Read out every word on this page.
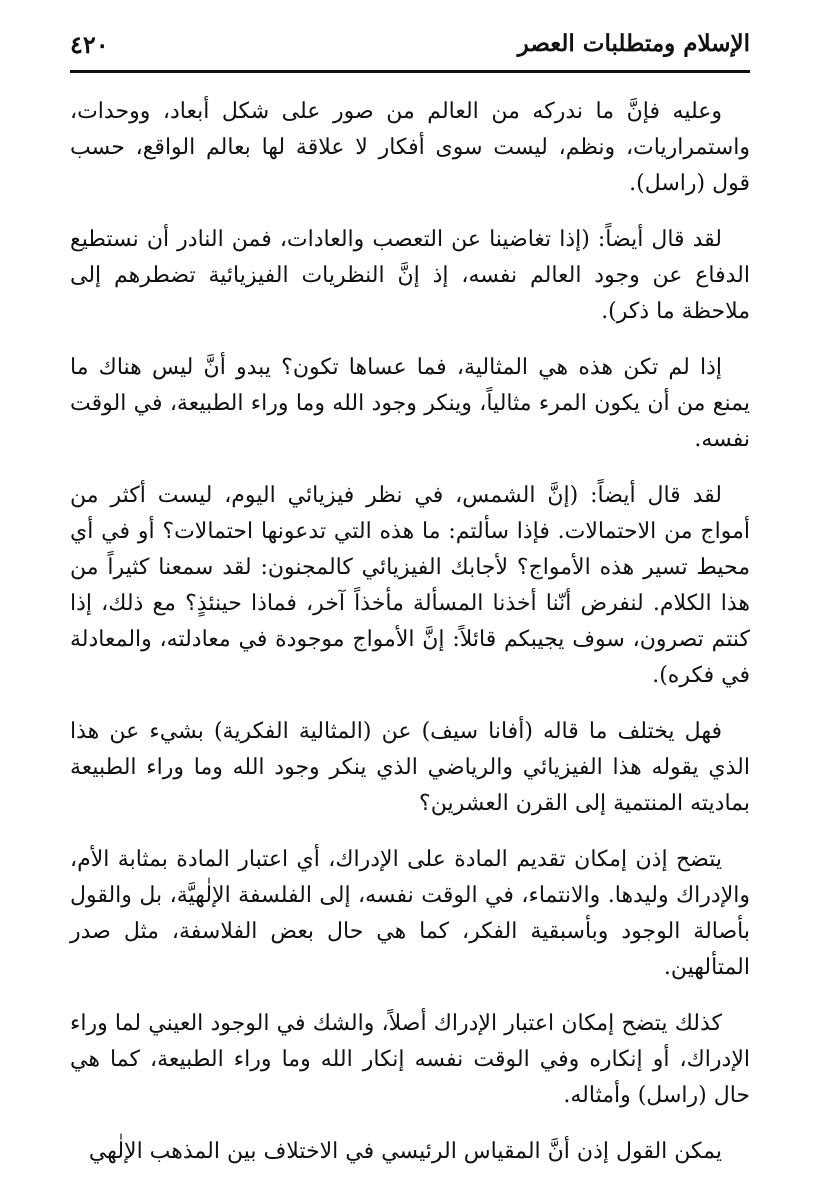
٤٢٠	الإسلام ومتطلبات العصر

وعليه فإنَّ ما ندركه من العالم من صور على شكل أبعاد، ووحدات، واستمراريات، ونظم، ليست سوى أفكار لا علاقة لها بعالم الواقع، حسب قول (راسل).

لقد قال أيضاً: (إذا تغاضينا عن التعصب والعادات، فمن النادر أن نستطيع الدفاع عن وجود العالم نفسه، إذ إنَّ النظريات الفيزيائية تضطرهم إلى ملاحظة ما ذكر).

إذا لم تكن هذه هي المثالية، فما عساها تكون؟ يبدو أنَّ ليس هناك ما يمنع من أن يكون المرء مثالياً، وينكر وجود الله وما وراء الطبيعة، في الوقت نفسه.

لقد قال أيضاً: (إنَّ الشمس، في نظر فيزيائي اليوم، ليست أكثر من أمواج من الاحتمالات. فإذا سألتم: ما هذه التي تدعونها احتمالات؟ أو في أي محيط تسير هذه الأمواج؟ لأجابك الفيزيائي كالمجنون: لقد سمعنا كثيراً من هذا الكلام. لنفرض أنّنا أخذنا المسألة مأخذاً آخر، فماذا حينئذٍ؟ مع ذلك، إذا كنتم تصرون، سوف يجيبكم قائلاً: إنَّ الأمواج موجودة في معادلته، والمعادلة في فكره).

فهل يختلف ما قاله (أفانا سيف) عن (المثالية الفكرية) بشيء عن هذا الذي يقوله هذا الفيزيائي والرياضي الذي ينكر وجود الله وما وراء الطبيعة بماديته المنتمية إلى القرن العشرين؟

يتضح إذن إمكان تقديم المادة على الإدراك، أي اعتبار المادة بمثابة الأم، والإدراك وليدها. والانتماء، في الوقت نفسه، إلى الفلسفة الإلٰهيَّة، بل والقول بأصالة الوجود وبأسبقية الفكر، كما هي حال بعض الفلاسفة، مثل صدر المتألهين.

كذلك يتضح إمكان اعتبار الإدراك أصلاً، والشك في الوجود العيني لما وراء الإدراك، أو إنكاره وفي الوقت نفسه إنكار الله وما وراء الطبيعة، كما هي حال (راسل) وأمثاله.

يمكن القول إذن أنَّ المقياس الرئيسي في الاختلاف بين المذهب الإلٰهي
